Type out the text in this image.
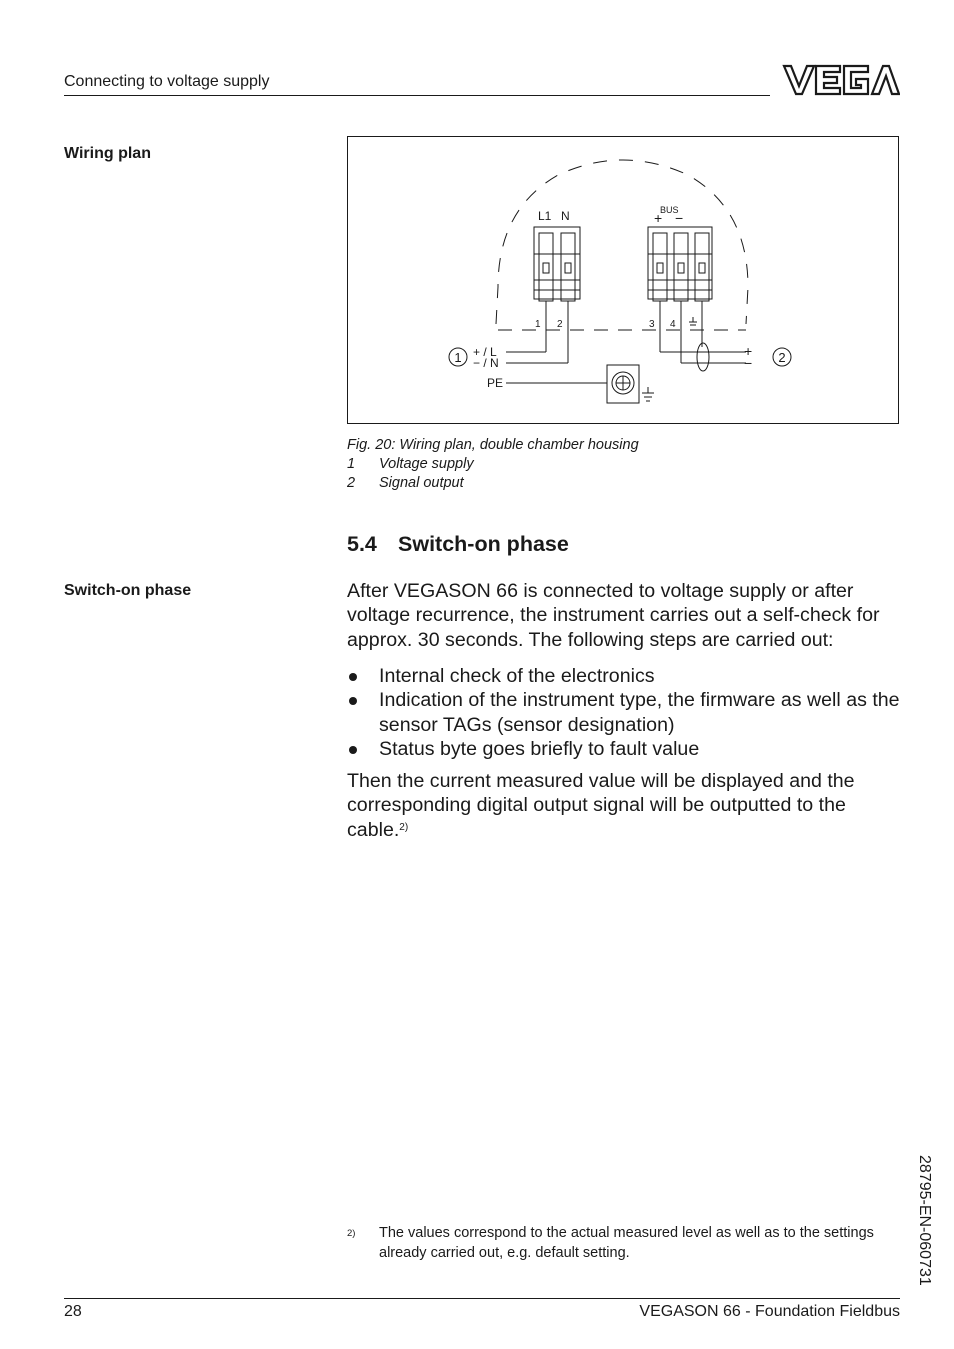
Connecting to voltage supply
Wiring plan
L1 N	BUS
+ −
1 2	3 4
+ / L
− / N
PE
+
−
1	2
Fig. 20: Wiring plan, double chamber housing
1 Voltage supply
2 Signal output
5.4 Switch-on phase
Switch-on phase	After VEGASON 66 is connected to voltage supply or after voltage recurrence, the instrument carries out a self-check for approx. 30 seconds. The following steps are carried out:
Internal check of the electronics
Indication of the instrument type, the firmware as well as the sensor TAGs (sensor designation)
Status byte goes briefly to fault value
Then the current measured value will be displayed and the corresponding digital output signal will be outputted to the cable.$^{2)}$
2) The values correspond to the actual measured level as well as to the settings already carried out, e.g. default setting.	28795-EN-060731
28	VEGASON 66 - Foundation Fieldbus
